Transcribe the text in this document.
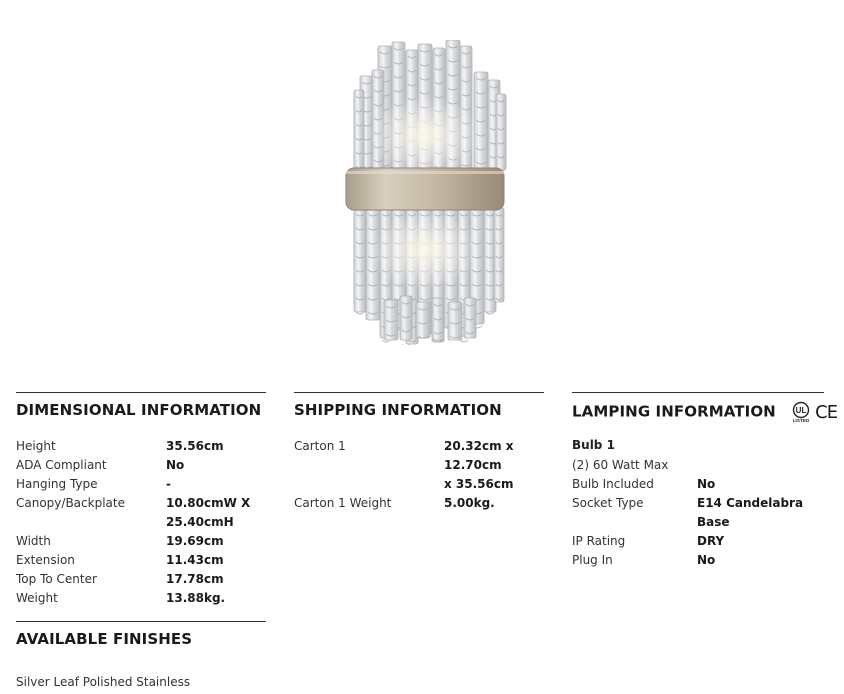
DIMENSIONAL INFORMATION
Height	35.56cm
ADA Compliant	No
Hanging Type	-
Canopy/Backplate	10.80cmW X
25.40cmH
Width	19.69cm
Extension	11.43cm
Top To Center	17.78cm
Weight	13.88kg.
SHIPPING INFORMATION
Carton 1	20.32cm x 12.70cm
x 35.56cm
Carton 1 Weight	5.00kg.
LAMPING INFORMATION UL
LISTED CE
Bulb 1
(2) 60 Watt Max
Bulb Included	No
Socket Type	E14 Candelabra Base
IP Rating	DRY
Plug In	No
AVAILABLE FINISHES
Silver Leaf Polished Stainless
